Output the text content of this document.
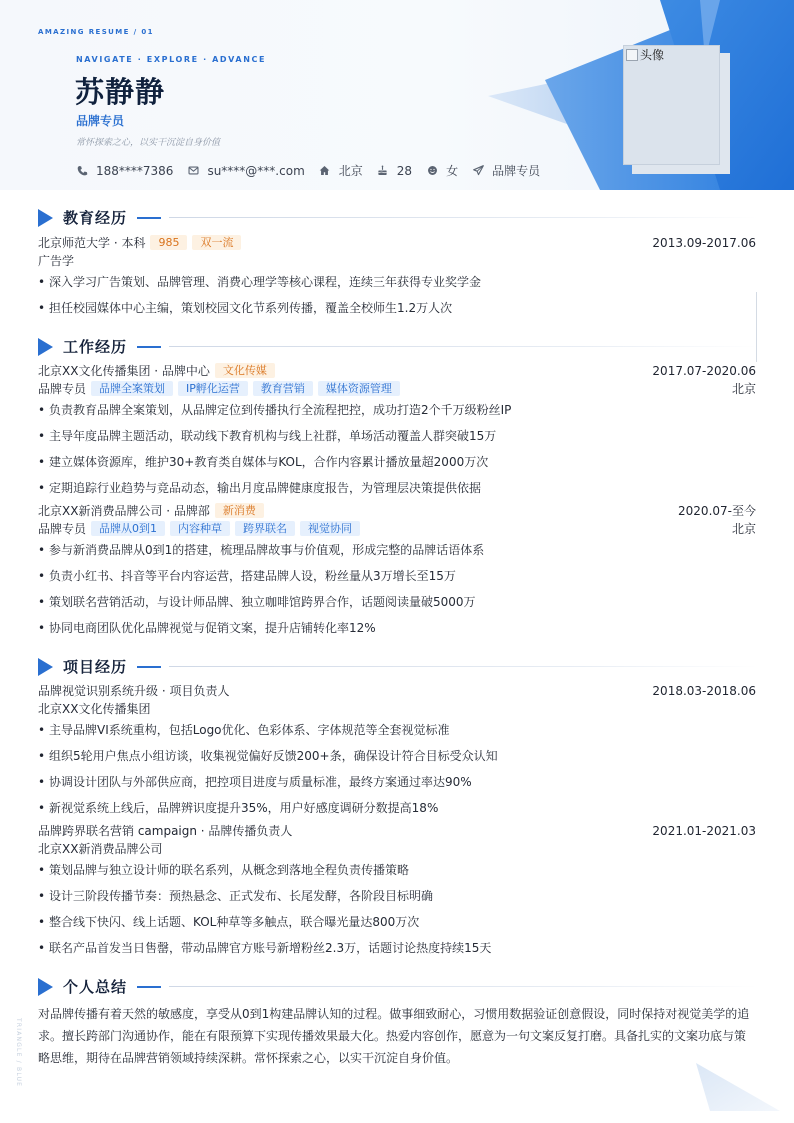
AMAZING RESUME / 01
NAVIGATE · EXPLORE · ADVANCE
苏静静
品牌专员
常怀探索之心，以实干沉淀自身价值
188****7386	su****@***.com	北京	28	女	品牌专员
头像
教育经历
北京师范大学 · 本科	985	双一流	2013.09-2017.06
广告学
• 深入学习广告策划、品牌管理、消费心理学等核心课程，连续三年获得专业奖学金
• 担任校园媒体中心主编，策划校园文化节系列传播，覆盖全校师生1.2万人次
工作经历
北京XX文化传播集团 · 品牌中心	文化传媒	2017.07-2020.06
品牌专员	品牌全案策划	IP孵化运营	教育营销	媒体资源管理	北京
• 负责教育品牌全案策划，从品牌定位到传播执行全流程把控，成功打造2个千万级粉丝IP
• 主导年度品牌主题活动，联动线下教育机构与线上社群，单场活动覆盖人群突破15万
• 建立媒体资源库，维护30+教育类自媒体与KOL，合作内容累计播放量超2000万次
• 定期追踪行业趋势与竞品动态，输出月度品牌健康度报告，为管理层决策提供依据
北京XX新消费品牌公司 · 品牌部	新消费	2020.07-至今
品牌专员	品牌从0到1	内容种草	跨界联名	视觉协同	北京
• 参与新消费品牌从0到1的搭建，梳理品牌故事与价值观，形成完整的品牌话语体系
• 负责小红书、抖音等平台内容运营，搭建品牌人设，粉丝量从3万增长至15万
• 策划联名营销活动，与设计师品牌、独立咖啡馆跨界合作，话题阅读量破5000万
• 协同电商团队优化品牌视觉与促销文案，提升店铺转化率12%
项目经历
品牌视觉识别系统升级 · 项目负责人	2018.03-2018.06
北京XX文化传播集团
• 主导品牌VI系统重构，包括Logo优化、色彩体系、字体规范等全套视觉标准
• 组织5轮用户焦点小组访谈，收集视觉偏好反馈200+条，确保设计符合目标受众认知
• 协调设计团队与外部供应商，把控项目进度与质量标准，最终方案通过率达90%
• 新视觉系统上线后，品牌辨识度提升35%，用户好感度调研分数提高18%
品牌跨界联名营销 campaign · 品牌传播负责人	2021.01-2021.03
北京XX新消费品牌公司
• 策划品牌与独立设计师的联名系列，从概念到落地全程负责传播策略
• 设计三阶段传播节奏：预热悬念、正式发布、长尾发酵，各阶段目标明确
• 整合线下快闪、线上话题、KOL种草等多触点，联合曝光量达800万次
• 联名产品首发当日售罄，带动品牌官方账号新增粉丝2.3万，话题讨论热度持续15天
个人总结
对品牌传播有着天然的敏感度，享受从0到1构建品牌认知的过程。做事细致耐心，习惯用数据验证创意假设，同时保持对视觉美学的追求。擅长跨部门沟通协作，能在有限预算下实现传播效果最大化。热爱内容创作，愿意为一句文案反复打磨。具备扎实的文案功底与策略思维，期待在品牌营销领域持续深耕。常怀探索之心，以实干沉淀自身价值。
TRIANGLE / BLUE
